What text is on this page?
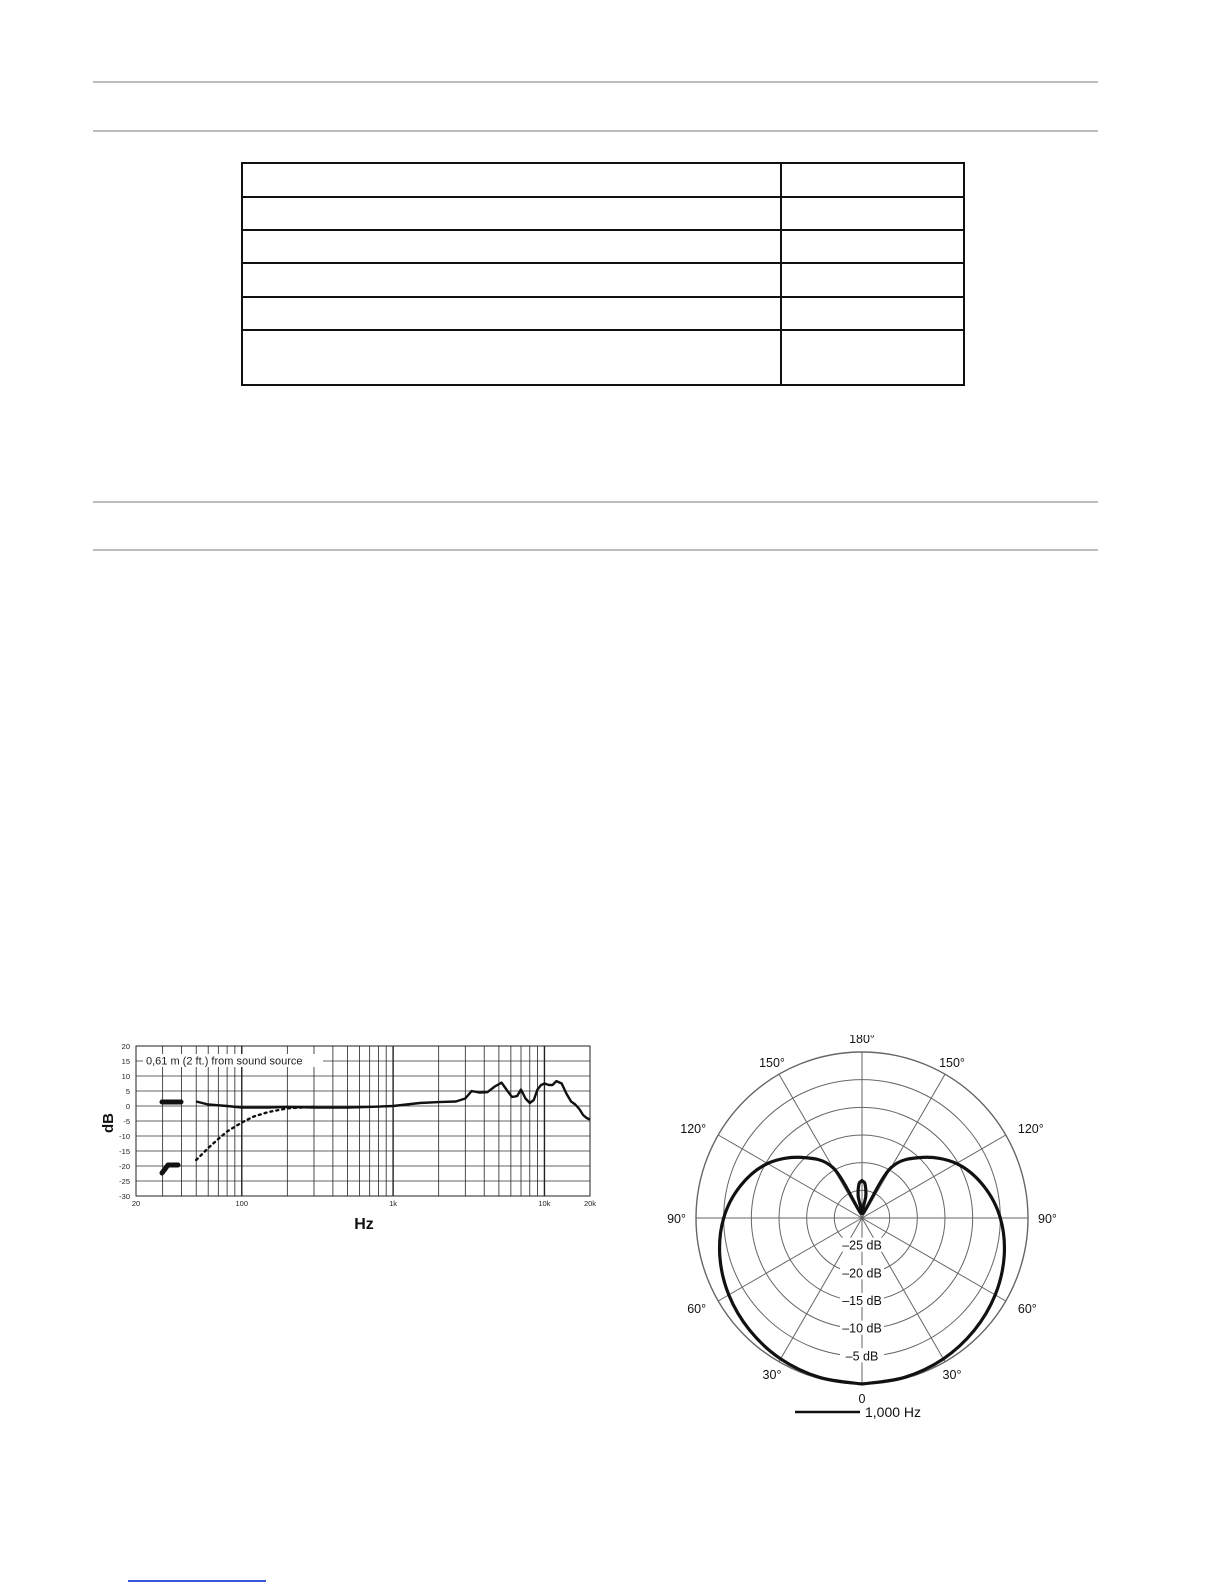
20
15
10
5
0
-5
-10
-15
-20
-25
-30
20	100	1k	10k	20k
0,61 m (2 ft.) from sound source
dB
Hz
–25 dB
–20 dB
–15 dB
–10 dB
–5 dB
180°
150°	150°
120°	120°
90°	90°
60°	60°
30°	30°
0
1,000 Hz
